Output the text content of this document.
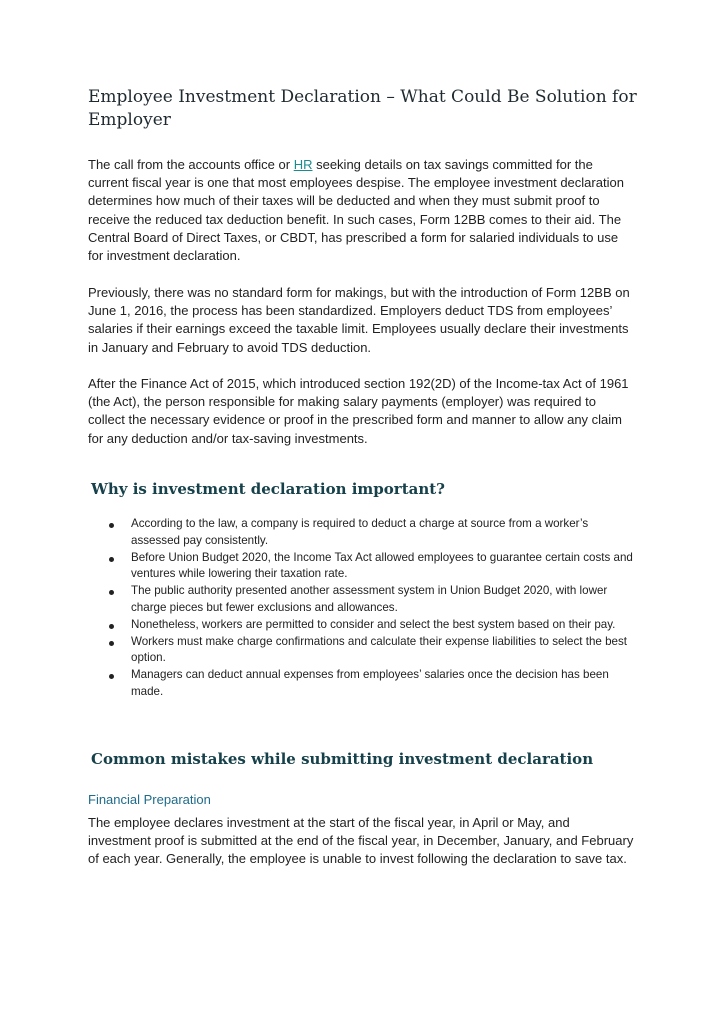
Employee Investment Declaration – What Could Be Solution for Employer

The call from the accounts office or HR seeking details on tax savings committed for the current fiscal year is one that most employees despise. The employee investment declaration determines how much of their taxes will be deducted and when they must submit proof to receive the reduced tax deduction benefit. In such cases, Form 12BB comes to their aid. The Central Board of Direct Taxes, or CBDT, has prescribed a form for salaried individuals to use for investment declaration.

Previously, there was no standard form for makings, but with the introduction of Form 12BB on June 1, 2016, the process has been standardized. Employers deduct TDS from employees’ salaries if their earnings exceed the taxable limit. Employees usually declare their investments in January and February to avoid TDS deduction.

After the Finance Act of 2015, which introduced section 192(2D) of the Income-tax Act of 1961 (the Act), the person responsible for making salary payments (employer) was required to collect the necessary evidence or proof in the prescribed form and manner to allow any claim for any deduction and/or tax-saving investments.

Why is investment declaration important?
According to the law, a company is required to deduct a charge at source from a worker’s assessed pay consistently.
Before Union Budget 2020, the Income Tax Act allowed employees to guarantee certain costs and ventures while lowering their taxation rate.
The public authority presented another assessment system in Union Budget 2020, with lower charge pieces but fewer exclusions and allowances.
Nonetheless, workers are permitted to consider and select the best system based on their pay.
Workers must make charge confirmations and calculate their expense liabilities to select the best option.
Managers can deduct annual expenses from employees’ salaries once the decision has been made.
Common mistakes while submitting investment declaration
Financial Preparation

The employee declares investment at the start of the fiscal year, in April or May, and investment proof is submitted at the end of the fiscal year, in December, January, and February of each year. Generally, the employee is unable to invest following the declaration to save tax.
